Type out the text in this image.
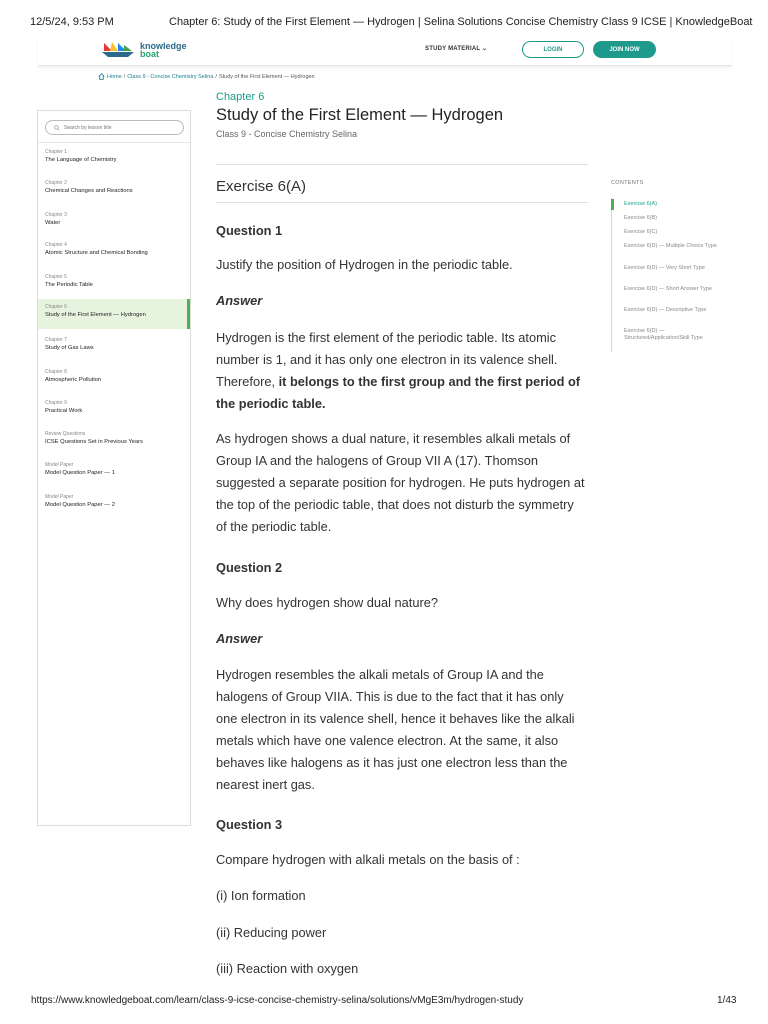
12/5/24, 9:53 PM	Chapter 6: Study of the First Element — Hydrogen | Selina Solutions Concise Chemistry Class 9 ICSE | KnowledgeBoat
knowledge
boat	STUDY MATERIAL ⌄	LOGIN	JOIN NOW
Home / Class 9 - Concise Chemistry Selina / Study of the First Element — Hydrogen
Search by lesson title
Chapter 1
The Language of Chemistry
Chapter 2
Chemical Changes and Reactions
Chapter 3
Water
Chapter 4
Atomic Structure and Chemical Bonding
Chapter 5
The Periodic Table
Chapter 6
Study of the First Element — Hydrogen
Chapter 7
Study of Gas Laws
Chapter 8
Atmospheric Pollution
Chapter 9
Practical Work
Review Questions
ICSE Questions Set in Previous Years
Model Paper
Model Question Paper — 1
Model Paper
Model Question Paper — 2
Chapter 6
Study of the First Element — Hydrogen
Class 9 - Concise Chemistry Selina
Exercise 6(A)
Question 1
Justify the position of Hydrogen in the periodic table.
Answer
Hydrogen is the first element of the periodic table. Its atomic number is 1, and it has only one electron in its valence shell. Therefore, it belongs to the first group and the first period of the periodic table.
As hydrogen shows a dual nature, it resembles alkali metals of Group IA and the halogens of Group VII A (17). Thomson suggested a separate position for hydrogen. He puts hydrogen at the top of the periodic table, that does not disturb the symmetry of the periodic table.
Question 2
Why does hydrogen show dual nature?
Answer
Hydrogen resembles the alkali metals of Group IA and the halogens of Group VIIA. This is due to the fact that it has only one electron in its valence shell, hence it behaves like the alkali metals which have one valence electron. At the same, it also behaves like halogens as it has just one electron less than the nearest inert gas.
Question 3
Compare hydrogen with alkali metals on the basis of :
(i) Ion formation
(ii) Reducing power
(iii) Reaction with oxygen
CONTENTS
Exercise 6(A)
Exercise 6(B)
Exercise 6(C)
Exercise 6(D) — Multiple Choice Type
Exercise 6(D) — Very Short Type
Exercise 6(D) — Short Answer Type
Exercise 6(D) — Descriptive Type
Exercise 6(D) — Structured/Application/Skill Type
https://www.knowledgeboat.com/learn/class-9-icse-concise-chemistry-selina/solutions/vMgE3m/hydrogen-study	1/43
